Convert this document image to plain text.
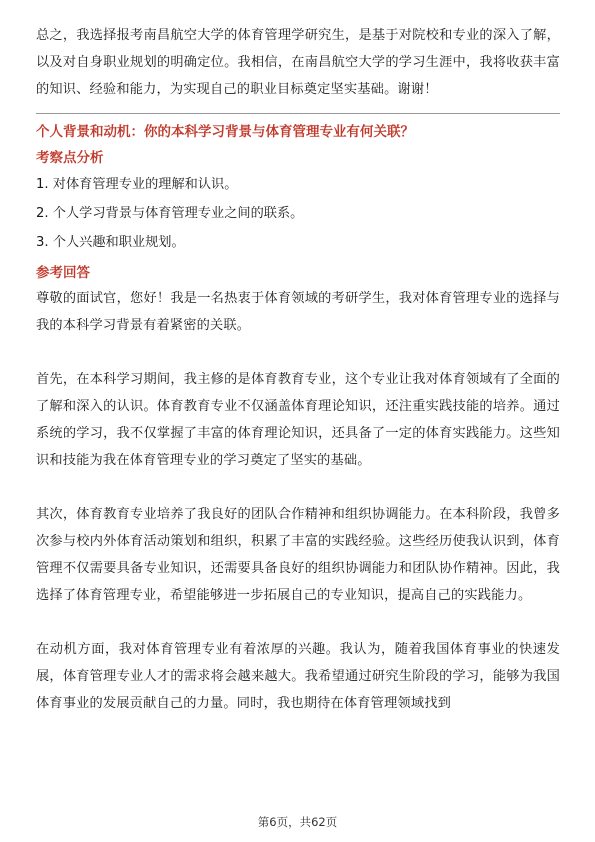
总之，我选择报考南昌航空大学的体育管理学研究生，是基于对院校和专业的深入了解，以及对自身职业规划的明确定位。我相信，在南昌航空大学的学习生涯中，我将收获丰富的知识、经验和能力，为实现自己的职业目标奠定坚实基础。谢谢！

个人背景和动机：你的本科学习背景与体育管理专业有何关联？

考察点分析

1. 对体育管理专业的理解和认识。

2. 个人学习背景与体育管理专业之间的联系。

3. 个人兴趣和职业规划。

参考回答

尊敬的面试官，您好！我是一名热衷于体育领域的考研学生，我对体育管理专业的选择与我的本科学习背景有着紧密的关联。

首先，在本科学习期间，我主修的是体育教育专业，这个专业让我对体育领域有了全面的了解和深入的认识。体育教育专业不仅涵盖体育理论知识，还注重实践技能的培养。通过系统的学习，我不仅掌握了丰富的体育理论知识，还具备了一定的体育实践能力。这些知识和技能为我在体育管理专业的学习奠定了坚实的基础。

其次，体育教育专业培养了我良好的团队合作精神和组织协调能力。在本科阶段，我曾多次参与校内外体育活动策划和组织，积累了丰富的实践经验。这些经历使我认识到，体育管理不仅需要具备专业知识，还需要具备良好的组织协调能力和团队协作精神。因此，我选择了体育管理专业，希望能够进一步拓展自己的专业知识，提高自己的实践能力。

在动机方面，我对体育管理专业有着浓厚的兴趣。我认为，随着我国体育事业的快速发展，体育管理专业人才的需求将会越来越大。我希望通过研究生阶段的学习，能够为我国体育事业的发展贡献自己的力量。同时，我也期待在体育管理领域找到

第6页，共62页
